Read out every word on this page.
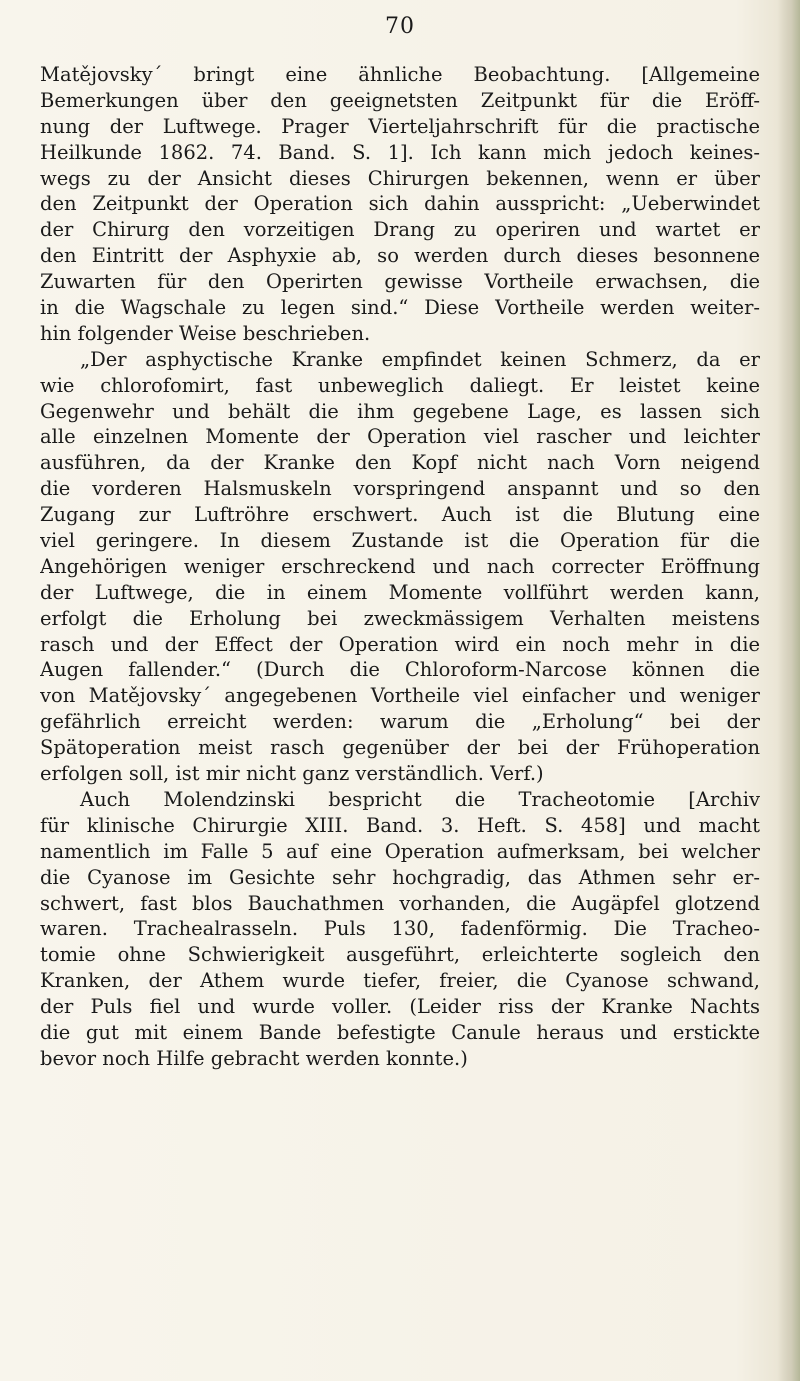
70
Matějovsky´ bringt eine ähnliche Beobachtung. [Allgemeine
Bemerkungen über den geeignetsten Zeitpunkt für die Eröff-
nung der Luftwege. Prager Vierteljahrschrift für die practische
Heilkunde 1862. 74. Band. S. 1]. Ich kann mich jedoch keines-
wegs zu der Ansicht dieses Chirurgen bekennen, wenn er über
den Zeitpunkt der Operation sich dahin ausspricht: „Ueberwindet
der Chirurg den vorzeitigen Drang zu operiren und wartet er
den Eintritt der Asphyxie ab, so werden durch dieses besonnene
Zuwarten für den Operirten gewisse Vortheile erwachsen, die
in die Wagschale zu legen sind.“ Diese Vortheile werden weiter-
hin folgender Weise beschrieben.
„Der asphyctische Kranke empfindet keinen Schmerz, da er
wie chlorofomirt, fast unbeweglich daliegt. Er leistet keine
Gegenwehr und behält die ihm gegebene Lage, es lassen sich
alle einzelnen Momente der Operation viel rascher und leichter
ausführen, da der Kranke den Kopf nicht nach Vorn neigend
die vorderen Halsmuskeln vorspringend anspannt und so den
Zugang zur Luftröhre erschwert. Auch ist die Blutung eine
viel geringere. In diesem Zustande ist die Operation für die
Angehörigen weniger erschreckend und nach correcter Eröffnung
der Luftwege, die in einem Momente vollführt werden kann,
erfolgt die Erholung bei zweckmässigem Verhalten meistens
rasch und der Effect der Operation wird ein noch mehr in die
Augen fallender.“ (Durch die Chloroform-Narcose können die
von Matějovsky´ angegebenen Vortheile viel einfacher und weniger
gefährlich erreicht werden: warum die „Erholung“ bei der
Spätoperation meist rasch gegenüber der bei der Frühoperation
erfolgen soll, ist mir nicht ganz verständlich. Verf.)
Auch Molendzinski bespricht die Tracheotomie [Archiv
für klinische Chirurgie XIII. Band. 3. Heft. S. 458] und macht
namentlich im Falle 5 auf eine Operation aufmerksam, bei welcher
die Cyanose im Gesichte sehr hochgradig, das Athmen sehr er-
schwert, fast blos Bauchathmen vorhanden, die Augäpfel glotzend
waren. Trachealrasseln. Puls 130, fadenförmig. Die Tracheo-
tomie ohne Schwierigkeit ausgeführt, erleichterte sogleich den
Kranken, der Athem wurde tiefer, freier, die Cyanose schwand,
der Puls fiel und wurde voller. (Leider riss der Kranke Nachts
die gut mit einem Bande befestigte Canule heraus und erstickte
bevor noch Hilfe gebracht werden konnte.)
